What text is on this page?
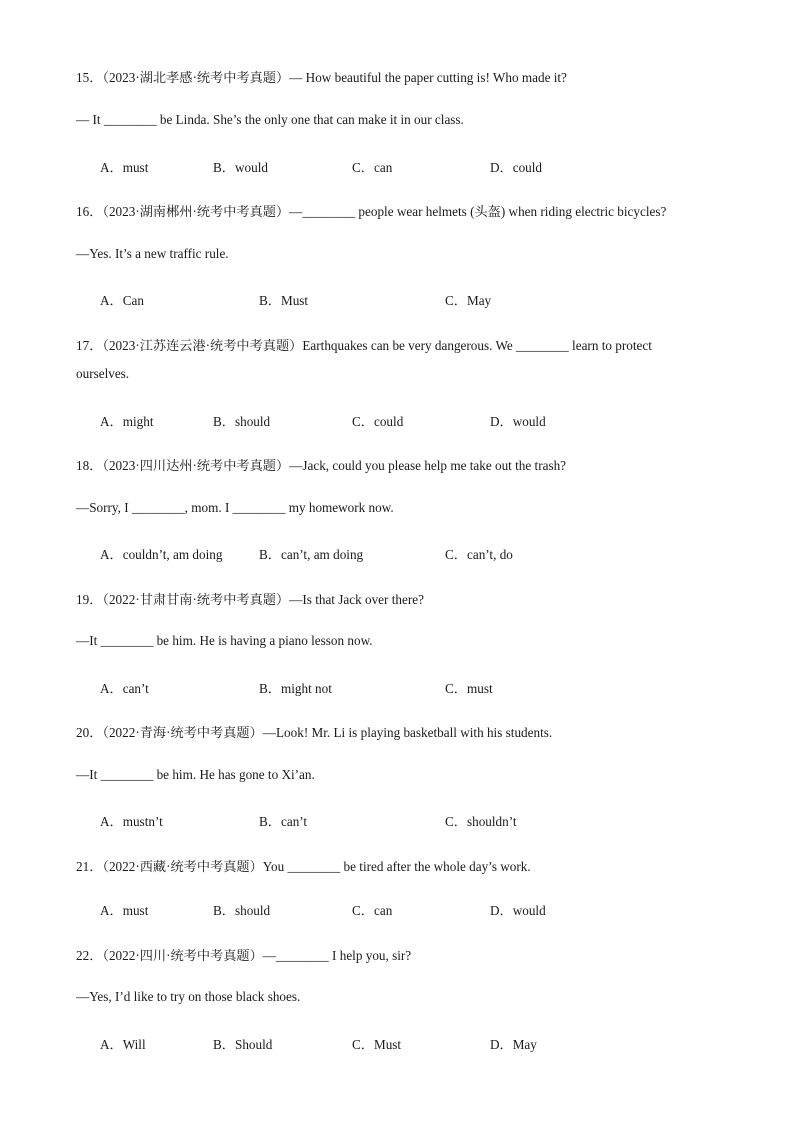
15．（2023·湖北孝感·统考中考真题）— How beautiful the paper cutting is! Who made it?
— It ________ be Linda. She’s the only one that can make it in our class.
A．must	B．would	C．can	D．could
16．（2023·湖南郴州·统考中考真题）—________ people wear helmets (头盔) when riding electric bicycles?
—Yes. It’s a new traffic rule.
A．Can	B．Must	C．May
17．（2023·江苏连云港·统考中考真题）Earthquakes can be very dangerous. We ________ learn to protect
ourselves.
A．might	B．should	C．could	D．would
18．（2023·四川达州·统考中考真题）—Jack, could you please help me take out the trash?
—Sorry, I ________, mom. I ________ my homework now.
A．couldn’t, am doing	B．can’t, am doing	C．can’t, do
19．（2022·甘肃甘南·统考中考真题）—Is that Jack over there?
—It ________ be him. He is having a piano lesson now.
A．can’t	B．might not	C．must
20．（2022·青海·统考中考真题）—Look! Mr. Li is playing basketball with his students.
—It ________ be him. He has gone to Xi’an.
A．mustn’t	B．can’t	C．shouldn’t
21．（2022·西藏·统考中考真题）You ________ be tired after the whole day’s work.
A．must	B．should	C．can	D．would
22．（2022·四川·统考中考真题）—________ I help you, sir?
—Yes, I’d like to try on those black shoes.
A．Will	B．Should	C．Must	D．May
